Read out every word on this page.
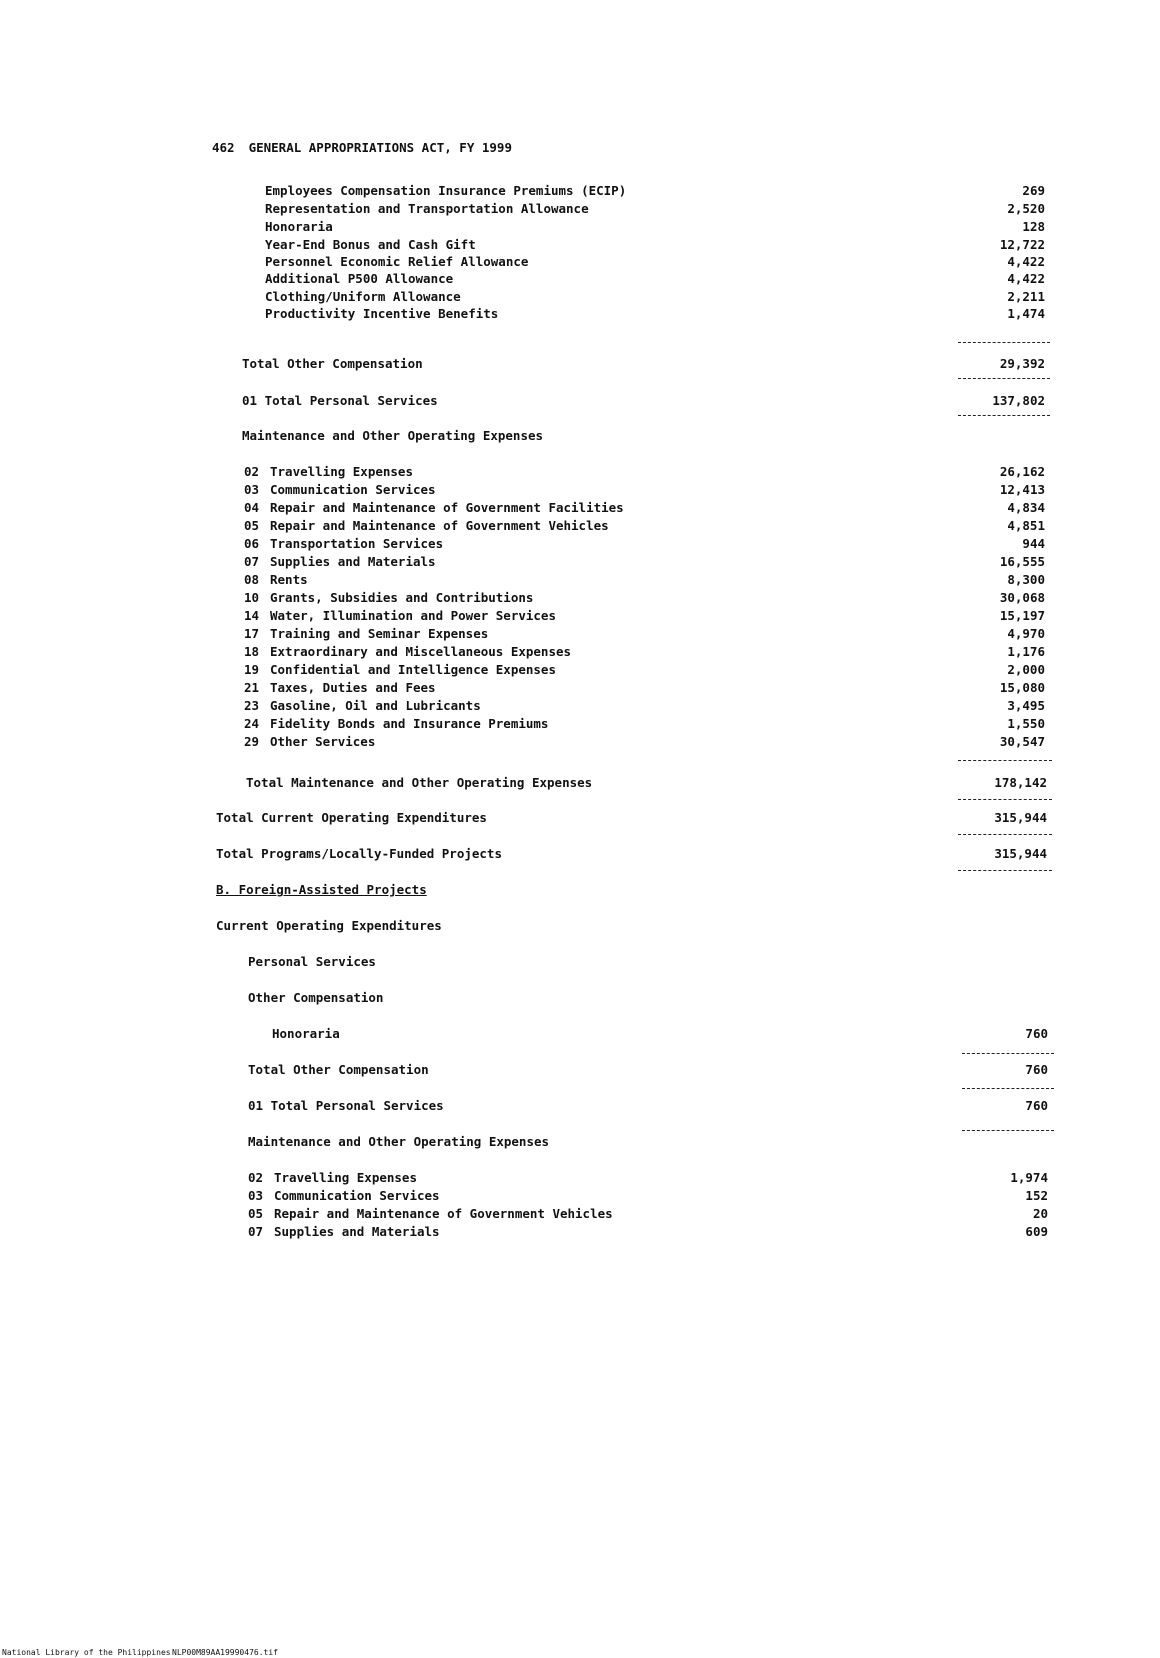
462 GENERAL APPROPRIATIONS ACT, FY 1999
Employees Compensation Insurance Premiums (ECIP)	269
Representation and Transportation Allowance	2,520
Honoraria	128
Year-End Bonus and Cash Gift	12,722
Personnel Economic Relief Allowance	4,422
Additional P500 Allowance	4,422
Clothing/Uniform Allowance	2,211
Productivity Incentive Benefits	1,474
Total Other Compensation	29,392
01 Total Personal Services	137,802
Maintenance and Other Operating Expenses
02 Travelling Expenses	26,162
03 Communication Services	12,413
04 Repair and Maintenance of Government Facilities	4,834
05 Repair and Maintenance of Government Vehicles	4,851
06 Transportation Services	944
07 Supplies and Materials	16,555
08 Rents	8,300
10 Grants, Subsidies and Contributions	30,068
14 Water, Illumination and Power Services	15,197
17 Training and Seminar Expenses	4,970
18 Extraordinary and Miscellaneous Expenses	1,176
19 Confidential and Intelligence Expenses	2,000
21 Taxes, Duties and Fees	15,080
23 Gasoline, Oil and Lubricants	3,495
24 Fidelity Bonds and Insurance Premiums	1,550
29 Other Services	30,547
Total Maintenance and Other Operating Expenses	178,142
Total Current Operating Expenditures	315,944
Total Programs/Locally-Funded Projects	315,944
B. Foreign-Assisted Projects
Current Operating Expenditures
Personal Services
Other Compensation
Honoraria	760
Total Other Compensation	760
01 Total Personal Services	760
Maintenance and Other Operating Expenses
02 Travelling Expenses	1,974
03 Communication Services	152
05 Repair and Maintenance of Government Vehicles	20
07 Supplies and Materials	609
National Library of the Philippines NLP00M89AA19990476.tif
